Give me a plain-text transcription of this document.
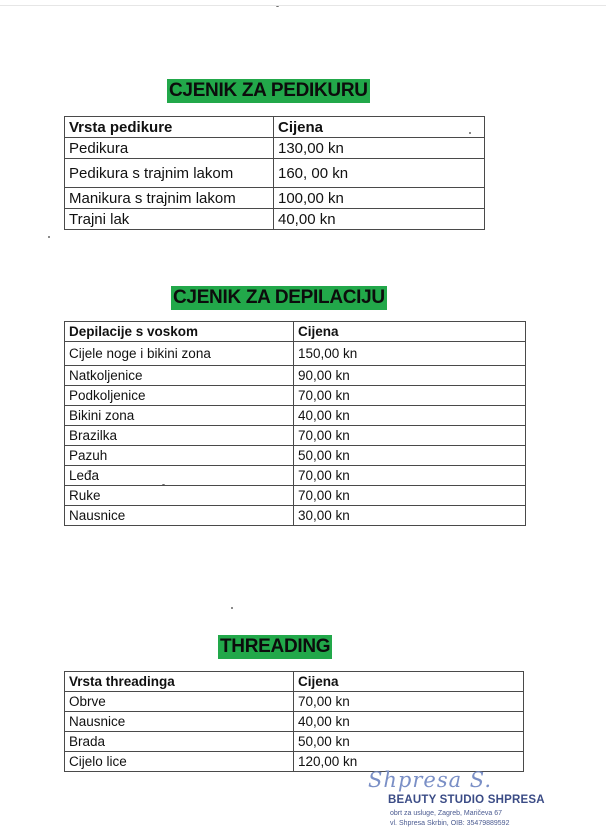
CJENIK ZA PEDIKURU
Vrsta pedikure	Cijena
Pedikura	130,00 kn
Pedikura s trajnim lakom	160, 00 kn
Manikura s trajnim lakom	100,00 kn
Trajni lak	40,00 kn
CJENIK ZA DEPILACIJU
Depilacije s voskom	Cijena
Cijele noge i bikini zona	150,00 kn
Natkoljenice	90,00 kn
Podkoljenice	70,00 kn
Bikini zona	40,00 kn
Brazilka	70,00 kn
Pazuh	50,00 kn
Leđa	70,00 kn
Ruke	70,00 kn
Nausnice	30,00 kn
THREADING
Vrsta threadinga	Cijena
Obrve	70,00 kn
Nausnice	40,00 kn
Brada	50,00 kn
Cijelo lice	120,00 kn
Shpresa S.
BEAUTY STUDIO SHPRESA
obrt za usluge, Zagreb, Maričeva 67
vl. Shpresa Skrbin, OIB: 35479889592
